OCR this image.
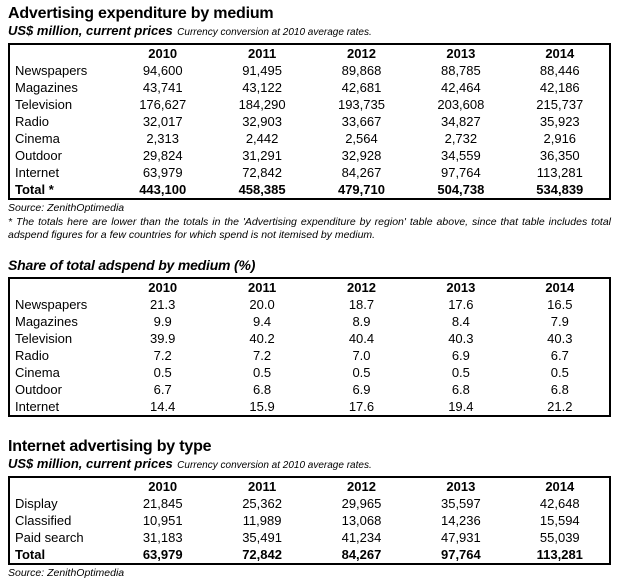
Advertising expenditure by medium

US$ million, current prices Currency conversion at 2010 average rates.

	2010	2011	2012	2013	2014
Newspapers	94,600	91,495	89,868	88,785	88,446
Magazines	43,741	43,122	42,681	42,464	42,186
Television	176,627	184,290	193,735	203,608	215,737
Radio	32,017	32,903	33,667	34,827	35,923
Cinema	2,313	2,442	2,564	2,732	2,916
Outdoor	29,824	31,291	32,928	34,559	36,350
Internet	63,979	72,842	84,267	97,764	113,281
Total *	443,100	458,385	479,710	504,738	534,839

Source: ZenithOptimedia

* The totals here are lower than the totals in the 'Advertising expenditure by region' table above, since that table includes total adspend figures for a few countries for which spend is not itemised by medium.

Share of total adspend by medium (%)
	2010	2011	2012	2013	2014
Newspapers	21.3	20.0	18.7	17.6	16.5
Magazines	9.9	9.4	8.9	8.4	7.9
Television	39.9	40.2	40.4	40.3	40.3
Radio	7.2	7.2	7.0	6.9	6.7
Cinema	0.5	0.5	0.5	0.5	0.5
Outdoor	6.7	6.8	6.9	6.8	6.8
Internet	14.4	15.9	17.6	19.4	21.2
Internet advertising by type

US$ million, current prices Currency conversion at 2010 average rates.

	2010	2011	2012	2013	2014
Display	21,845	25,362	29,965	35,597	42,648
Classified	10,951	11,989	13,068	14,236	15,594
Paid search	31,183	35,491	41,234	47,931	55,039
Total	63,979	72,842	84,267	97,764	113,281

Source: ZenithOptimedia
